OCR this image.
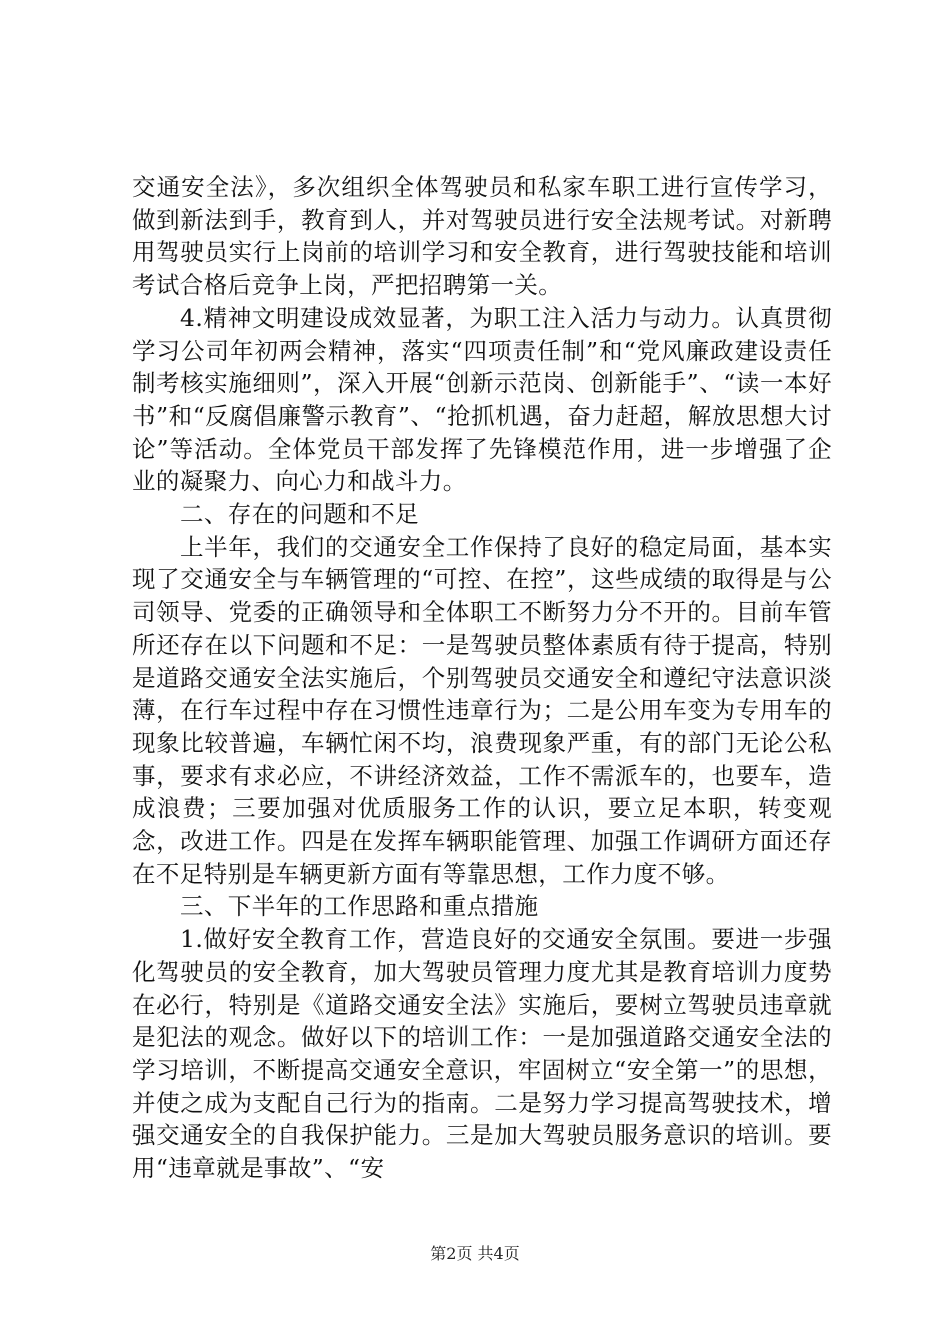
交通安全法》，多次组织全体驾驶员和私家车职工进行宣传学习，做到新法到手，教育到人，并对驾驶员进行安全法规考试。对新聘用驾驶员实行上岗前的培训学习和安全教育，进行驾驶技能和培训考试合格后竞争上岗，严把招聘第一关。

4.精神文明建设成效显著，为职工注入活力与动力。认真贯彻学习公司年初两会精神，落实“四项责任制”和“党风廉政建设责任制考核实施细则”，深入开展“创新示范岗、创新能手”、“读一本好书”和“反腐倡廉警示教育”、“抢抓机遇，奋力赶超，解放思想大讨论”等活动。全体党员干部发挥了先锋模范作用，进一步增强了企业的凝聚力、向心力和战斗力。

二、存在的问题和不足

上半年，我们的交通安全工作保持了良好的稳定局面，基本实现了交通安全与车辆管理的“可控、在控”，这些成绩的取得是与公司领导、党委的正确领导和全体职工不断努力分不开的。目前车管所还存在以下问题和不足：一是驾驶员整体素质有待于提高，特别是道路交通安全法实施后，个别驾驶员交通安全和遵纪守法意识淡薄，在行车过程中存在习惯性违章行为；二是公用车变为专用车的现象比较普遍，车辆忙闲不均，浪费现象严重，有的部门无论公私事，要求有求必应，不讲经济效益，工作不需派车的，也要车，造成浪费；三要加强对优质服务工作的认识，要立足本职，转变观念，改进工作。四是在发挥车辆职能管理、加强工作调研方面还存在不足特别是车辆更新方面有等靠思想，工作力度不够。

三、下半年的工作思路和重点措施

1.做好安全教育工作，营造良好的交通安全氛围。要进一步强化驾驶员的安全教育，加大驾驶员管理力度尤其是教育培训力度势在必行，特别是《道路交通安全法》实施后，要树立驾驶员违章就是犯法的观念。做好以下的培训工作：一是加强道路交通安全法的学习培训，不断提高交通安全意识，牢固树立“安全第一”的思想，并使之成为支配自己行为的指南。二是努力学习提高驾驶技术，增强交通安全的自我保护能力。三是加大驾驶员服务意识的培训。要用“违章就是事故”、“安

第2页 共4页
